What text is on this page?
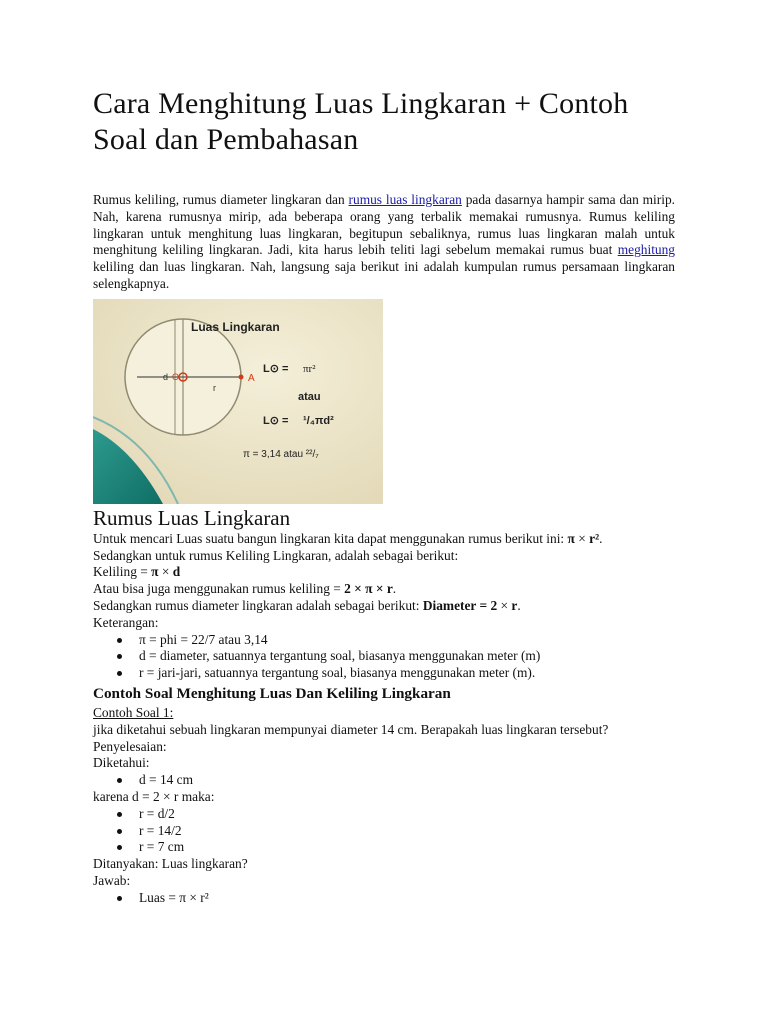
Cara Menghitung Luas Lingkaran + Contoh Soal dan Pembahasan

Rumus keliling, rumus diameter lingkaran dan rumus luas lingkaran pada dasarnya hampir sama dan mirip. Nah, karena rumusnya mirip, ada beberapa orang yang terbalik memakai rumusnya. Rumus keliling lingkaran untuk menghitung luas lingkaran, begitupun sebaliknya, rumus luas lingkaran malah untuk menghitung keliling lingkaran. Jadi, kita harus lebih teliti lagi sebelum memakai rumus buat meghitung keliling dan luas lingkaran. Nah, langsung saja berikut ini adalah kumpulan rumus persamaan lingkaran selengkapnya.

d O
r
A
Luas Lingkaran
L⊙ = πr²
atau
L⊙ = ¹/₄πd²
π = 3,14 atau ²²/₇
Rumus Luas Lingkaran
Untuk mencari Luas suatu bangun lingkaran kita dapat menggunakan rumus berikut ini: π × r².
Sedangkan untuk rumus Keliling Lingkaran, adalah sebagai berikut:
Keliling = π × d
Atau bisa juga menggunakan rumus keliling = 2 × π × r.
Sedangkan rumus diameter lingkaran adalah sebagai berikut: Diameter = 2 × r.
Keterangan:
π = phi = 22/7 atau 3,14
d = diameter, satuannya tergantung soal, biasanya menggunakan meter (m)
r = jari-jari, satuannya tergantung soal, biasanya menggunakan meter (m).
Contoh Soal Menghitung Luas Dan Keliling Lingkaran
Contoh Soal 1:
jika diketahui sebuah lingkaran mempunyai diameter 14 cm. Berapakah luas lingkaran tersebut?
Penyelesaian:
Diketahui:
d = 14 cm
karena d = 2 × r maka:
r = d/2
r = 14/2
r = 7 cm
Ditanyakan: Luas lingkaran?
Jawab:
Luas = π × r²
